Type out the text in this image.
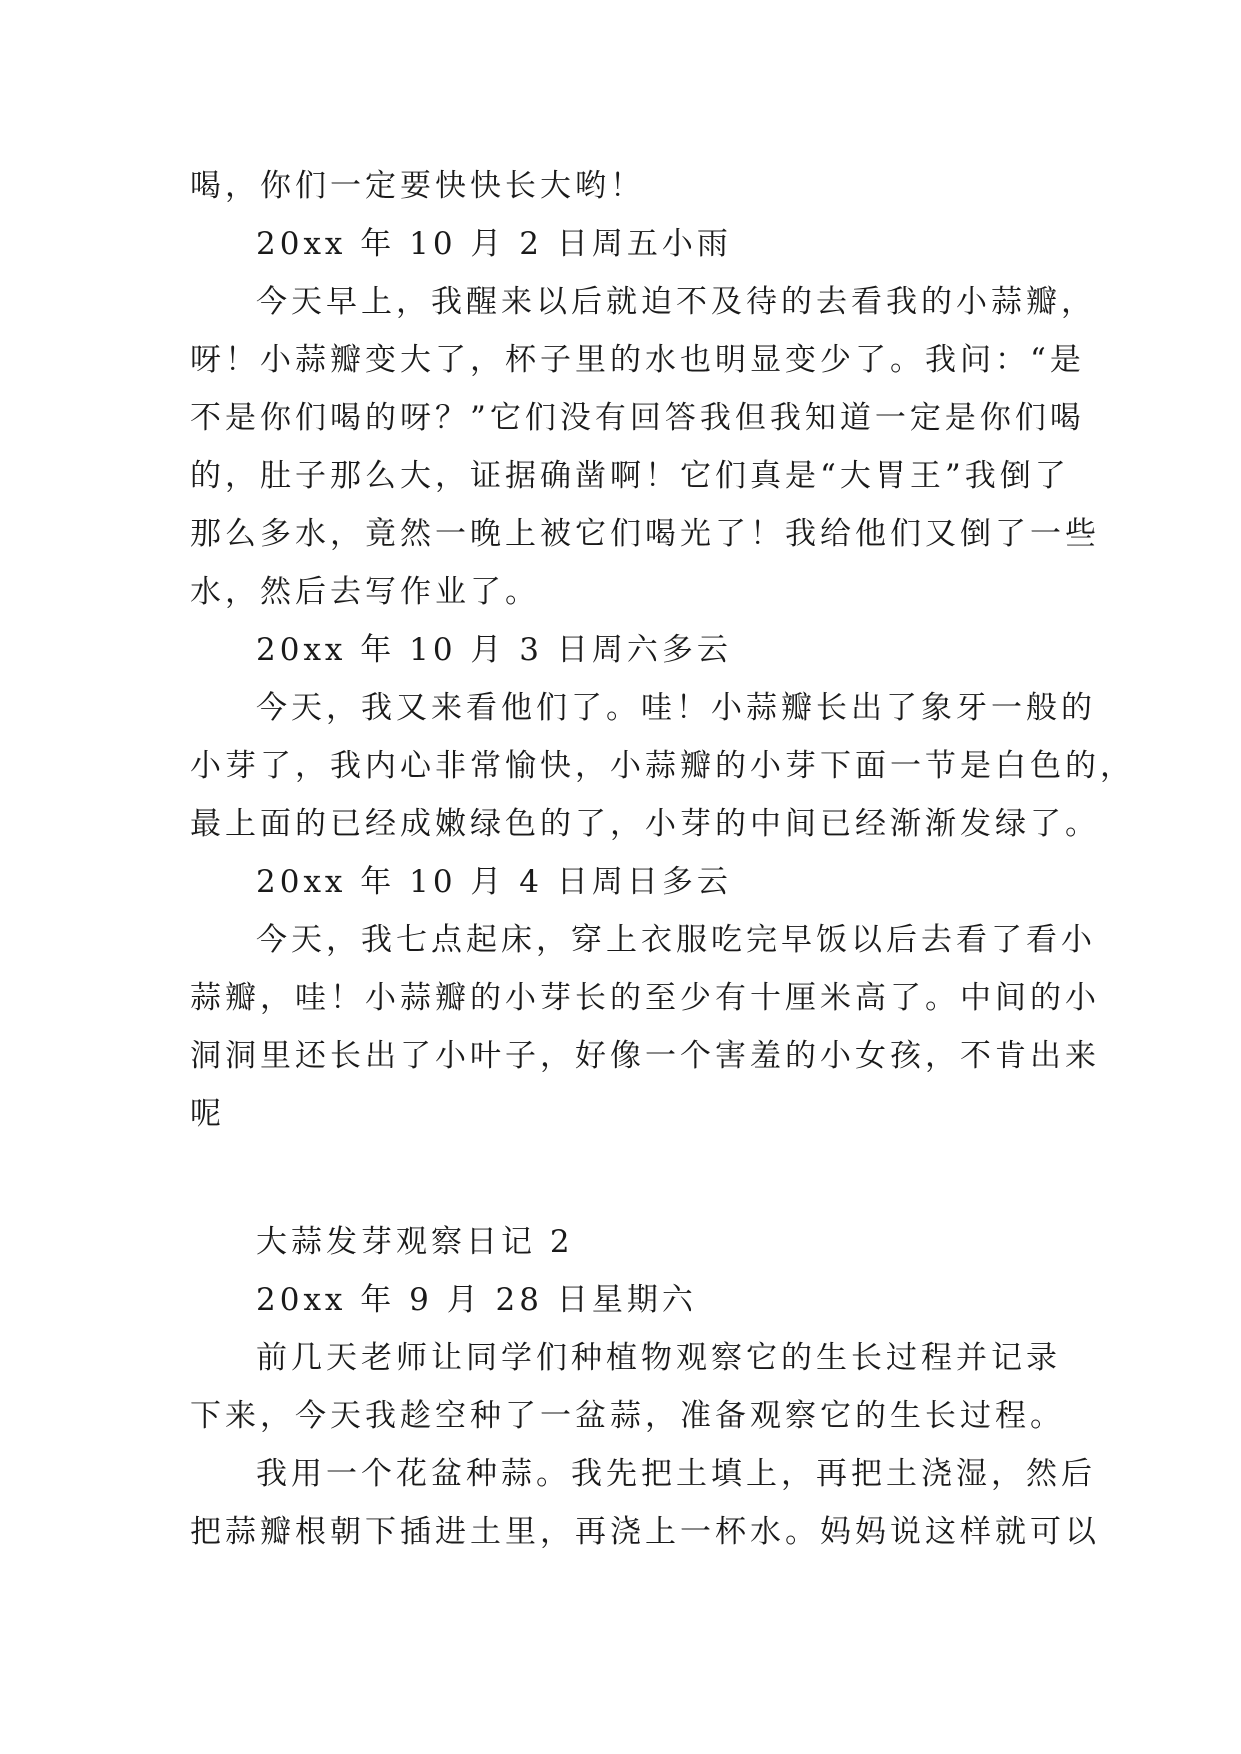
喝，你们一定要快快长大哟！
20xx 年 10 月 2 日周五小雨
今天早上，我醒来以后就迫不及待的去看我的小蒜瓣，
呀！小蒜瓣变大了，杯子里的水也明显变少了。我问：“是
不是你们喝的呀？”它们没有回答我但我知道一定是你们喝
的，肚子那么大，证据确凿啊！它们真是“大胃王”我倒了
那么多水，竟然一晚上被它们喝光了！我给他们又倒了一些
水，然后去写作业了。
20xx 年 10 月 3 日周六多云
今天，我又来看他们了。哇！小蒜瓣长出了象牙一般的
小芽了，我内心非常愉快，小蒜瓣的小芽下面一节是白色的，
最上面的已经成嫩绿色的了，小芽的中间已经渐渐发绿了。
20xx 年 10 月 4 日周日多云
今天，我七点起床，穿上衣服吃完早饭以后去看了看小
蒜瓣，哇！小蒜瓣的小芽长的至少有十厘米高了。中间的小
洞洞里还长出了小叶子，好像一个害羞的小女孩，不肯出来
呢
大蒜发芽观察日记 2
20xx 年 9 月 28 日星期六
前几天老师让同学们种植物观察它的生长过程并记录
下来，今天我趁空种了一盆蒜，准备观察它的生长过程。
我用一个花盆种蒜。我先把土填上，再把土浇湿，然后
把蒜瓣根朝下插进土里，再浇上一杯水。妈妈说这样就可以
